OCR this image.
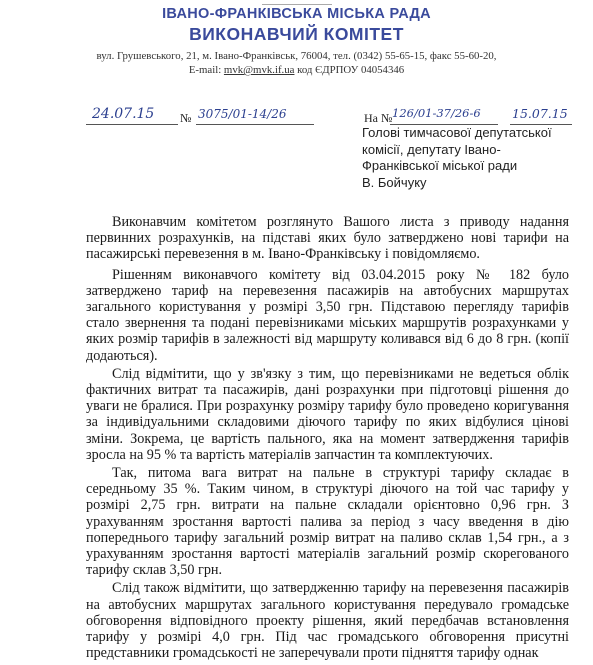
ІВАНО-ФРАНКІВСЬКА МІСЬКА РАДА
ВИКОНАВЧИЙ КОМІТЕТ
вул. Грушевського, 21, м. Івано-Франківськ, 76004, тел. (0342) 55-65-15, факс 55-60-20,
E-mail: mvk@mvk.if.ua код ЄДРПОУ 04054346
24.07.15 № 3075/01-14/26	На № 126/01-37/26-6	15.07.15
Голові тимчасової депутатської
комісії, депутату Івано-
Франківської міської ради
В. Бойчуку

Виконавчим комітетом розглянуто Вашого листа з приводу надання первинних розрахунків, на підставі яких було затверджено нові тарифи на пасажирські перевезення в м. Івано-Франківську і повідомляємо.

Рішенням виконавчого комітету від 03.04.2015 року № 182 було затверджено тариф на перевезення пасажирів на автобусних маршрутах загального користування у розмірі 3,50 грн. Підставою перегляду тарифів стало звернення та подані перевізниками міських маршрутів розрахунками у яких розмір тарифів в залежності від маршруту коливався від 6 до 8 грн. (копії додаються).

Слід відмітити, що у зв'язку з тим, що перевізниками не ведеться облік фактичних витрат та пасажирів, дані розрахунки при підготовці рішення до уваги не бралися. При розрахунку розміру тарифу було проведено коригування за індивідуальними складовими діючого тарифу по яких відбулися цінові зміни. Зокрема, це вартість пального, яка на момент затвердження тарифів зросла на 95 % та вартість матеріалів запчастин та комплектуючих.

Так, питома вага витрат на пальне в структурі тарифу складає в середньому 35 %. Таким чином, в структурі діючого на той час тарифу у розмірі 2,75 грн. витрати на пальне складали орієнтовно 0,96 грн. З урахуванням зростання вартості палива за період з часу введення в дію попереднього тарифу загальний розмір витрат на паливо склав 1,54 грн., а з урахуванням зростання вартості матеріалів загальний розмір скорегованого тарифу склав 3,50 грн.

Слід також відмітити, що затвердженню тарифу на перевезення пасажирів на автобусних маршрутах загального користування передувало громадське обговорення відповідного проекту рішення, який передбачав встановлення тарифу у розмірі 4,0 грн. Під час громадського обговорення присутні представники громадськості не заперечували проти підняття тарифу однак
